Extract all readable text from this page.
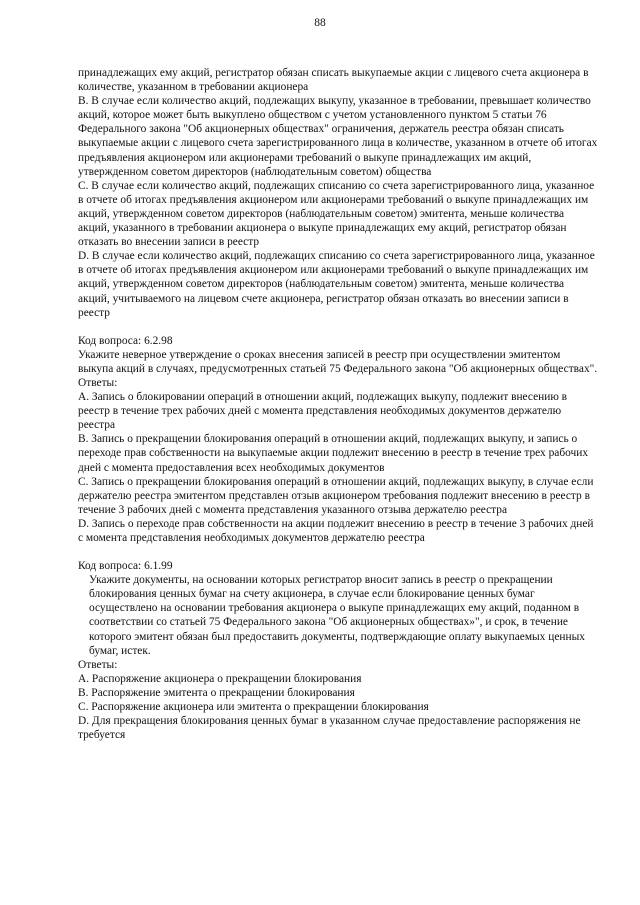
88
принадлежащих ему акций, регистратор обязан списать выкупаемые акции с лицевого счета акционера в количестве, указанном в требовании акционера
B. В случае если количество акций, подлежащих выкупу, указанное в требовании, превышает количество акций, которое может быть выкуплено обществом с учетом установленного пунктом 5 статьи 76 Федерального закона "Об акционерных обществах" ограничения, держатель реестра обязан списать выкупаемые акции с лицевого счета зарегистрированного лица в количестве, указанном в отчете об итогах предъявления акционером или акционерами требований о выкупе принадлежащих им акций, утвержденном советом директоров (наблюдательным советом) общества
C. В случае если количество акций, подлежащих списанию со счета зарегистрированного лица, указанное в отчете об итогах предъявления акционером или акционерами требований о выкупе принадлежащих им акций, утвержденном советом директоров (наблюдательным советом) эмитента, меньше количества акций, указанного в требовании акционера о выкупе принадлежащих ему акций, регистратор обязан отказать во внесении записи в реестр
D. В случае если количество акций, подлежащих списанию со счета зарегистрированного лица, указанное в отчете об итогах предъявления акционером или акционерами требований о выкупе принадлежащих им акций, утвержденном советом директоров (наблюдательным советом) эмитента, меньше количества акций, учитываемого на лицевом счете акционера, регистратор обязан отказать во внесении записи в реестр
Код вопроса: 6.2.98
Укажите неверное утверждение о сроках внесения записей в реестр при осуществлении эмитентом выкупа акций в случаях, предусмотренных статьей 75 Федерального закона "Об акционерных обществах".
Ответы:
A. Запись о блокировании операций в отношении акций, подлежащих выкупу, подлежит внесению в реестр в течение трех рабочих дней с момента представления необходимых документов держателю реестра
B. Запись о прекращении блокирования операций в отношении акций, подлежащих выкупу, и запись о переходе прав собственности на выкупаемые акции подлежит внесению в реестр в течение трех рабочих дней с момента предоставления всех необходимых документов
C. Запись о прекращении блокирования операций в отношении акций, подлежащих выкупу, в случае если держателю реестра эмитентом представлен отзыв акционером требования подлежит внесению в реестр в течение 3 рабочих дней с момента представления указанного отзыва держателю реестра
D. Запись о переходе прав собственности на акции подлежит внесению в реестр в течение 3 рабочих дней с момента представления необходимых документов держателю реестра
Код вопроса: 6.1.99
Укажите документы, на основании которых регистратор вносит запись в реестр о прекращении блокирования ценных бумаг на счету акционера, в случае если блокирование ценных бумаг осуществлено на основании требования акционера о выкупе принадлежащих ему акций, поданном в соответствии со статьей 75 Федерального закона "Об акционерных обществах»", и срок, в течение которого эмитент обязан был предоставить документы, подтверждающие оплату выкупаемых ценных бумаг, истек.
Ответы:
A. Распоряжение акционера о прекращении блокирования
B. Распоряжение эмитента о прекращении блокирования
C. Распоряжение акционера или эмитента о прекращении блокирования
D. Для прекращения блокирования ценных бумаг в указанном случае предоставление распоряжения не требуется
